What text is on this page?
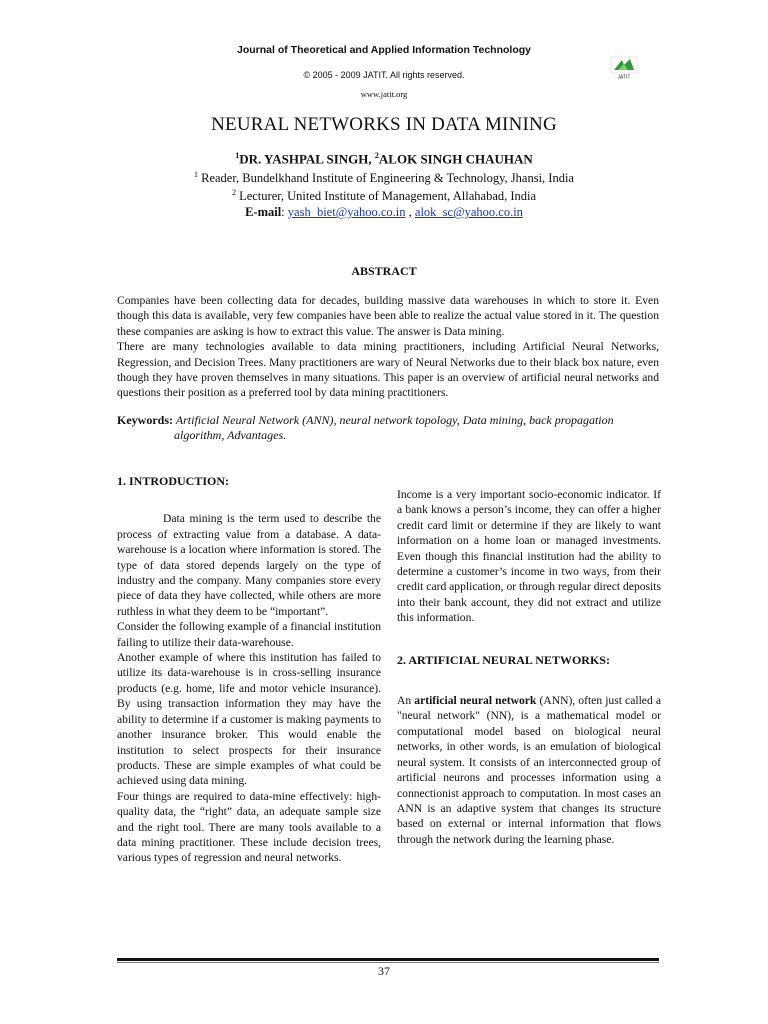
Journal of Theoretical and Applied Information Technology
© 2005 - 2009 JATIT. All rights reserved.	JATIT
www.jatit.org
NEURAL NETWORKS IN DATA MINING
$^1$DR. YASHPAL SINGH, $^2$ALOK SINGH CHAUHAN
$^1$ Reader, Bundelkhand Institute of Engineering & Technology, Jhansi, India
$^2$ Lecturer, United Institute of Management, Allahabad, India
E-mail: yash_biet@yahoo.co.in , alok_sc@yahoo.co.in
ABSTRACT

Companies have been collecting data for decades, building massive data warehouses in which to store it. Even though this data is available, very few companies have been able to realize the actual value stored in it. The question these companies are asking is how to extract this value. The answer is Data mining.

There are many technologies available to data mining practitioners, including Artificial Neural Networks, Regression, and Decision Trees. Many practitioners are wary of Neural Networks due to their black box nature, even though they have proven themselves in many situations. This paper is an overview of artificial neural networks and questions their position as a preferred tool by data mining practitioners.

Keywords: Artificial Neural Network (ANN), neural network topology, Data mining, back propagation
algorithm, Advantages.
1. INTRODUCTION:

Data mining is the term used to describe the process of extracting value from a database. A data-warehouse is a location where information is stored. The type of data stored depends largely on the type of industry and the company. Many companies store every piece of data they have collected, while others are more ruthless in what they deem to be “important”.

Consider the following example of a financial institution failing to utilize their data-warehouse.

Another example of where this institution has failed to utilize its data-warehouse is in cross-selling insurance products (e.g. home, life and motor vehicle insurance). By using transaction information they may have the ability to determine if a customer is making payments to another insurance broker. This would enable the institution to select prospects for their insurance products. These are simple examples of what could be achieved using data mining.

Four things are required to data-mine effectively: high-quality data, the “right” data, an adequate sample size and the right tool. There are many tools available to a data mining practitioner. These include decision trees, various types of regression and neural networks.

Income is a very important socio-economic indicator. If a bank knows a person’s income, they can offer a higher credit card limit or determine if they are likely to want information on a home loan or managed investments. Even though this financial institution had the ability to determine a customer’s income in two ways, from their credit card application, or through regular direct deposits into their bank account, they did not extract and utilize this information.

2. ARTIFICIAL NEURAL NETWORKS:

An artificial neural network (ANN), often just called a "neural network" (NN), is a mathematical model or computational model based on biological neural networks, in other words, is an emulation of biological neural system. It consists of an interconnected group of artificial neurons and processes information using a connectionist approach to computation. In most cases an ANN is an adaptive system that changes its structure based on external or internal information that flows through the network during the learning phase.

37
